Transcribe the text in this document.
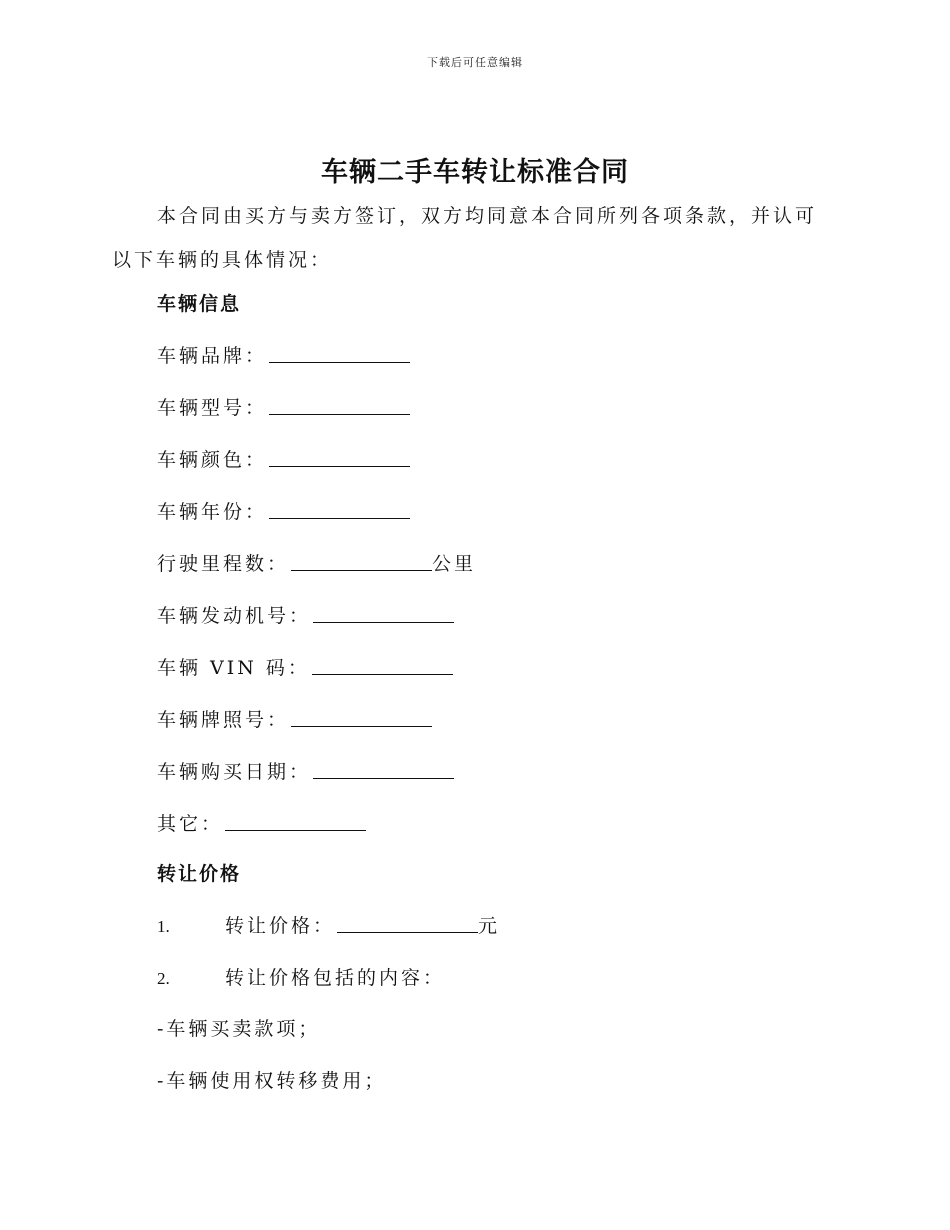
下载后可任意编辑
车辆二手车转让标准合同

本合同由买方与卖方签订，双方均同意本合同所列各项条款，并认可以下车辆的具体情况：

车辆信息
车辆品牌：
车辆型号：
车辆颜色：
车辆年份：
行驶里程数：	公里
车辆发动机号：
车辆 VIN 码：
车辆牌照号：
车辆购买日期：
其它：
转让价格
1.	转让价格：	元
2.	转让价格包括的内容：
-车辆买卖款项；
-车辆使用权转移费用；
